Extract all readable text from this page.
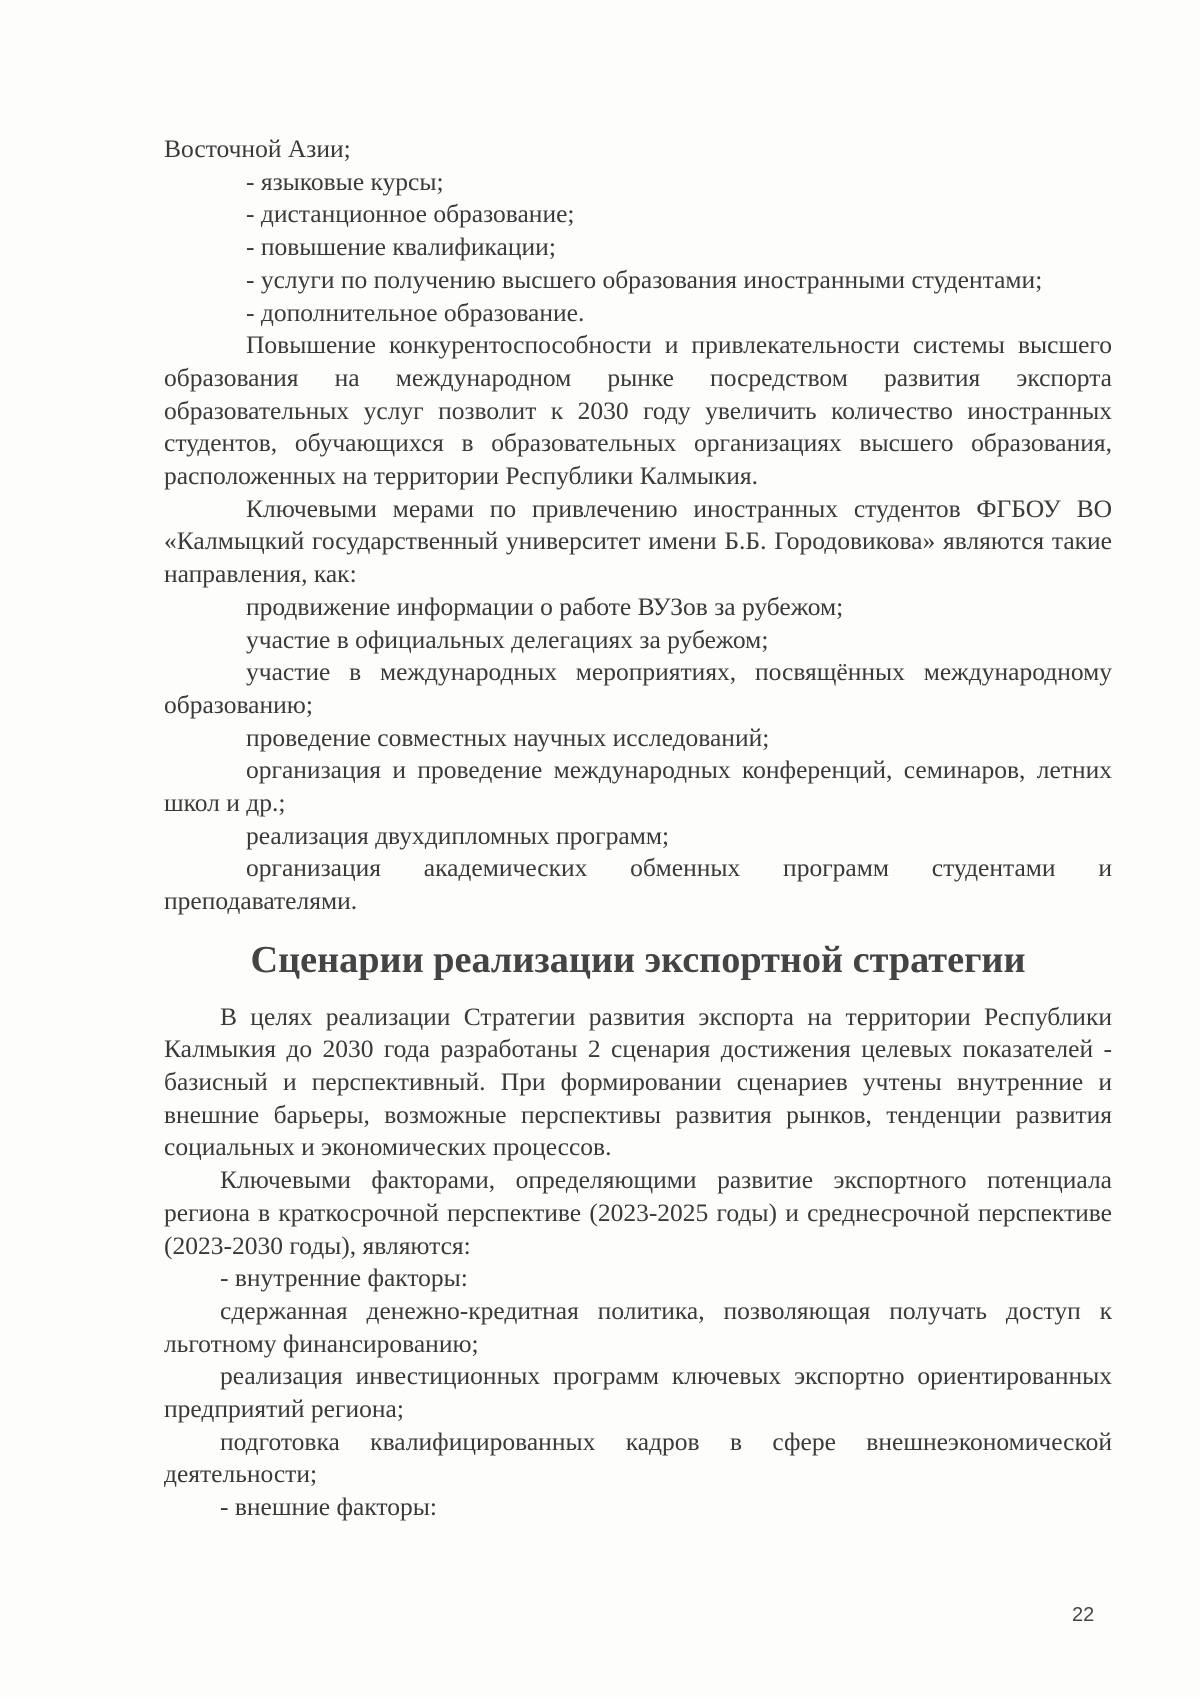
Восточной Азии;

- языковые курсы;

- дистанционное образование;

- повышение квалификации;

- услуги по получению высшего образования иностранными студентами;

- дополнительное образование.

Повышение конкурентоспособности и привлекательности системы высшего образования на международном рынке посредством развития экспорта образовательных услуг позволит к 2030 году увеличить количество иностранных студентов, обучающихся в образовательных организациях высшего образования, расположенных на территории Республики Калмыкия.

Ключевыми мерами по привлечению иностранных студентов ФГБОУ ВО «Калмыцкий государственный университет имени Б.Б. Городовикова» являются такие направления, как:

продвижение информации о работе ВУЗов за рубежом;

участие в официальных делегациях за рубежом;

участие в международных мероприятиях, посвящённых международному образованию;

проведение совместных научных исследований;

организация и проведение международных конференций, семинаров, летних школ и др.;

реализация двухдипломных программ;

организация академических обменных программ студентами и преподавателями.

Сценарии реализации экспортной стратегии

В целях реализации Стратегии развития экспорта на территории Республики Калмыкия до 2030 года разработаны 2 сценария достижения целевых показателей - базисный и перспективный. При формировании сценариев учтены внутренние и внешние барьеры, возможные перспективы развития рынков, тенденции развития социальных и экономических процессов.

Ключевыми факторами, определяющими развитие экспортного потенциала региона в краткосрочной перспективе (2023-2025 годы) и среднесрочной перспективе (2023-2030 годы), являются:

- внутренние факторы:

сдержанная денежно-кредитная политика, позволяющая получать доступ к льготному финансированию;

реализация инвестиционных программ ключевых экспортно ориентированных предприятий региона;

подготовка квалифицированных кадров в сфере внешнеэкономической деятельности;

- внешние факторы:

22
